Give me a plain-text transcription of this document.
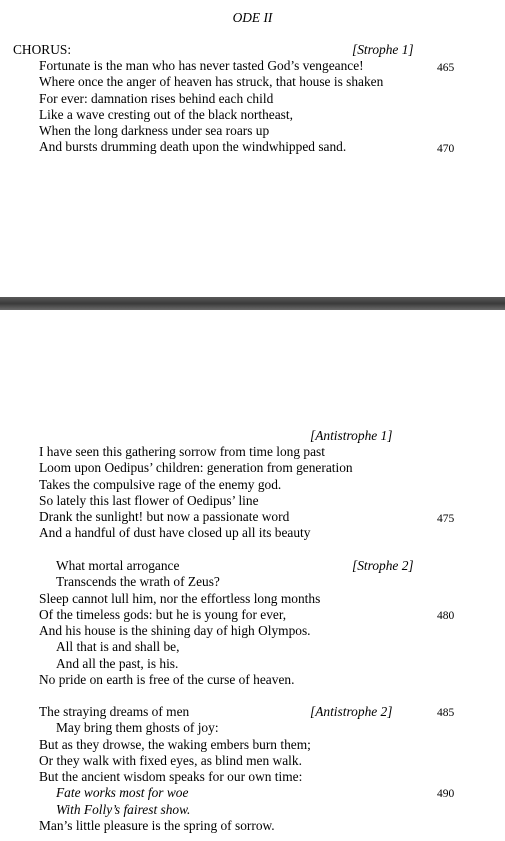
ODE II
CHORUS:	[Strophe 1]
Fortunate is the man who has never tasted God’s vengeance!
Where once the anger of heaven has struck, that house is shaken
For ever: damnation rises behind each child
Like a wave cresting out of the black northeast,
When the long darkness under sea roars up
And bursts drumming death upon the windwhipped sand.
465
470
[Antistrophe 1]
I have seen this gathering sorrow from time long past
Loom upon Oedipus’ children: generation from generation
Takes the compulsive rage of the enemy god.
So lately this last flower of Oedipus’ line
Drank the sunlight! but now a passionate word
And a handful of dust have closed up all its beauty
475
[Strophe 2]
What mortal arrogance
Transcends the wrath of Zeus?
Sleep cannot lull him, nor the effortless long months
Of the timeless gods: but he is young for ever,
And his house is the shining day of high Olympos.
All that is and shall be,
And all the past, is his.
No pride on earth is free of the curse of heaven.
480
[Antistrophe 2]
The straying dreams of men
May bring them ghosts of joy:
But as they drowse, the waking embers burn them;
Or they walk with fixed eyes, as blind men walk.
But the ancient wisdom speaks for our own time:
Fate works most for woe
With Folly’s fairest show.
Man’s little pleasure is the spring of sorrow.
485
490
